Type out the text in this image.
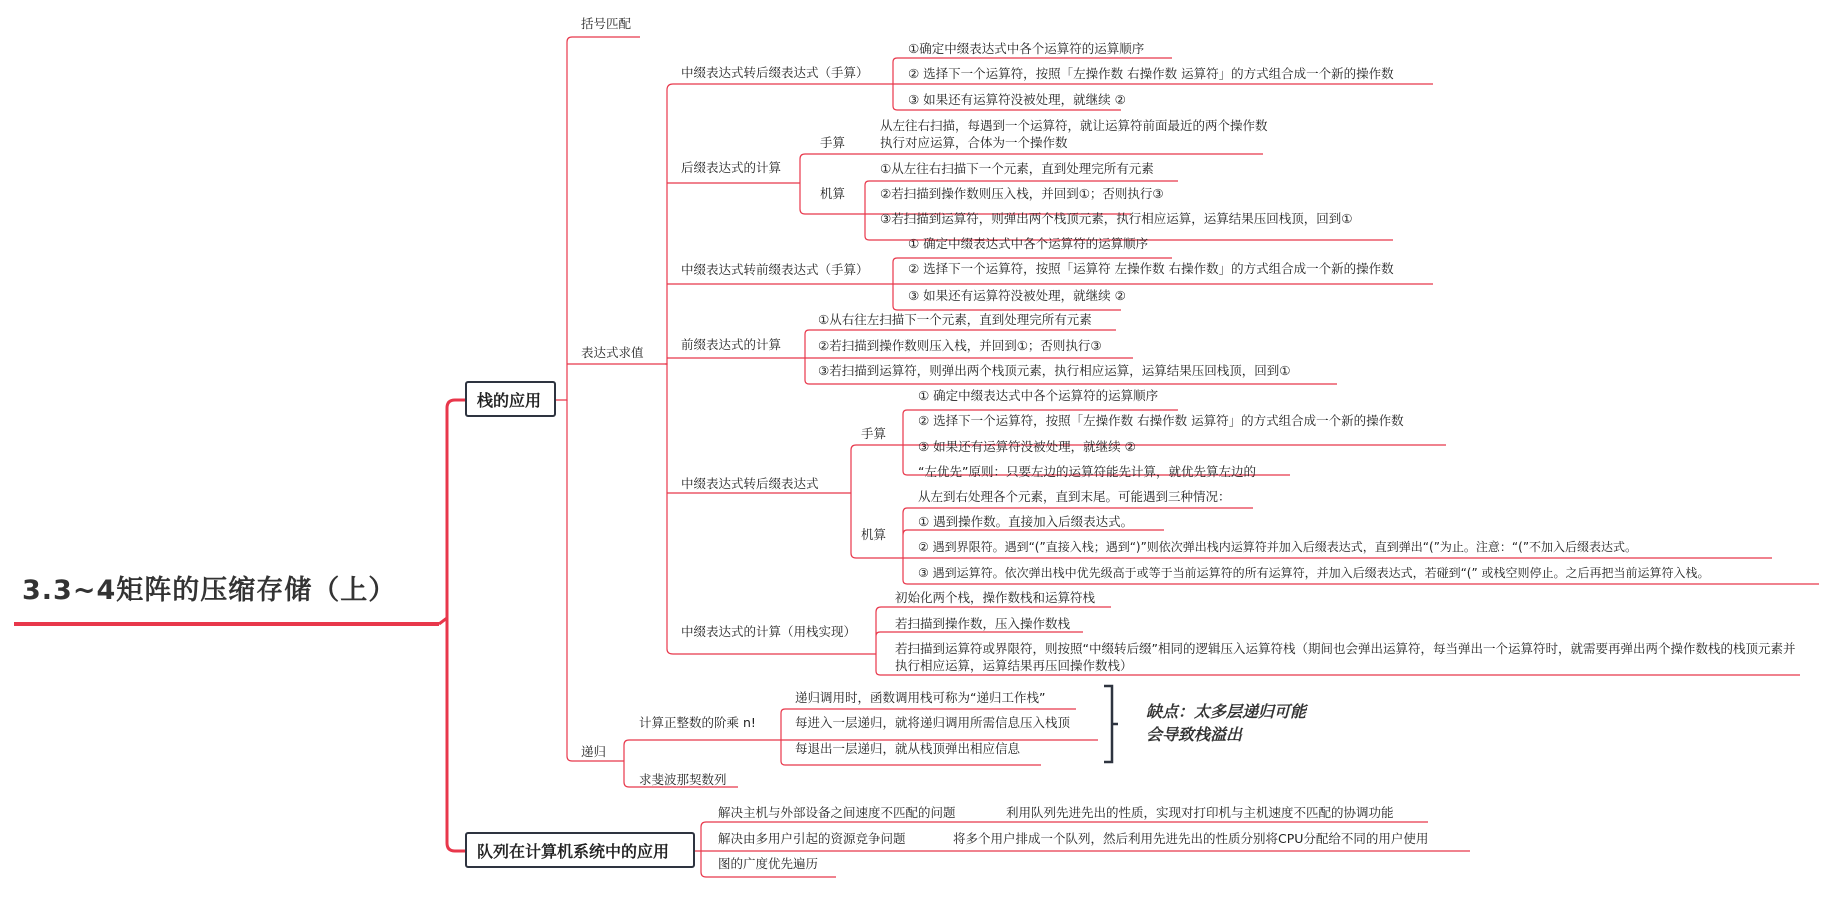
3.3~4矩阵的压缩存储（上）
栈的应用
队列在计算机系统中的应用
括号匹配
表达式求值
递归
中缀表达式转后缀表达式（手算）
①确定中缀表达式中各个运算符的运算顺序
② 选择下一个运算符，按照「左操作数 右操作数 运算符」的方式组合成一个新的操作数
③ 如果还有运算符没被处理，就继续 ②
后缀表达式的计算
手算
从左往右扫描，每遇到一个运算符，就让运算符前面最近的两个操作数执行对应运算，合体为一个操作数
机算
①从左往右扫描下一个元素，直到处理完所有元素
②若扫描到操作数则压入栈，并回到①；否则执行③
③若扫描到运算符，则弹出两个栈顶元素，执行相应运算，运算结果压回栈顶，回到①
中缀表达式转前缀表达式（手算）
① 确定中缀表达式中各个运算符的运算顺序
② 选择下一个运算符，按照「运算符 左操作数 右操作数」的方式组合成一个新的操作数
③ 如果还有运算符没被处理，就继续 ②
前缀表达式的计算
①从右往左扫描下一个元素，直到处理完所有元素
②若扫描到操作数则压入栈，并回到①；否则执行③
③若扫描到运算符，则弹出两个栈顶元素，执行相应运算，运算结果压回栈顶，回到①
中缀表达式转后缀表达式
手算
① 确定中缀表达式中各个运算符的运算顺序
② 选择下一个运算符，按照「左操作数 右操作数 运算符」的方式组合成一个新的操作数
③ 如果还有运算符没被处理，就继续 ②
“左优先”原则：只要左边的运算符能先计算，就优先算左边的
机算
从左到右处理各个元素，直到末尾。可能遇到三种情况：
① 遇到操作数。直接加入后缀表达式。
② 遇到界限符。遇到“(”直接入栈；遇到“)”则依次弹出栈内运算符并加入后缀表达式，直到弹出“(”为止。注意：“(”不加入后缀表达式。
③ 遇到运算符。依次弹出栈中优先级高于或等于当前运算符的所有运算符，并加入后缀表达式，若碰到“(” 或栈空则停止。之后再把当前运算符入栈。
中缀表达式的计算（用栈实现）
初始化两个栈，操作数栈和运算符栈
若扫描到操作数，压入操作数栈
若扫描到运算符或界限符，则按照“中缀转后缀”相同的逻辑压入运算符栈（期间也会弹出运算符，每当弹出一个运算符时，就需要再弹出两个操作数栈的栈顶元素并执行相应运算，运算结果再压回操作数栈）
计算正整数的阶乘 n!
递归调用时，函数调用栈可称为“递归工作栈”
每进入一层递归，就将递归调用所需信息压入栈顶
每退出一层递归，就从栈顶弹出相应信息
缺点：太多层递归可能会导致栈溢出
求斐波那契数列
解决主机与外部设备之间速度不匹配的问题	利用队列先进先出的性质，实现对打印机与主机速度不匹配的协调功能
解决由多用户引起的资源竞争问题	将多个用户排成一个队列，然后利用先进先出的性质分别将CPU分配给不同的用户使用
图的广度优先遍历
